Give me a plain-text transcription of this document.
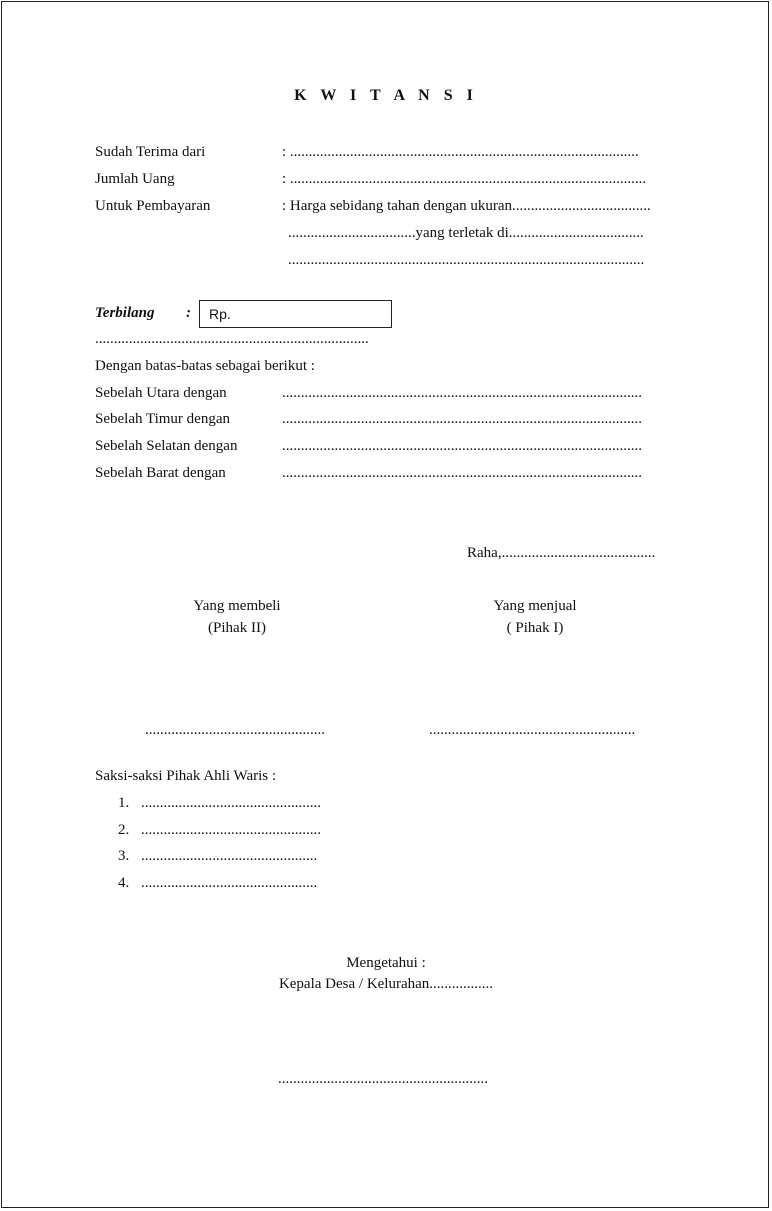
K W I T A N S I
Sudah Terima dari	: .............................................................................................
Jumlah Uang	: ...............................................................................................
Untuk Pembayaran	: Harga sebidang tahan dengan ukuran.....................................
..................................yang terletak di....................................
...............................................................................................
Terbilang : Rp.
.........................................................................
Dengan batas-batas sebagai berikut :
Sebelah Utara dengan	................................................................................................
Sebelah Timur dengan	................................................................................................
Sebelah Selatan dengan	................................................................................................
Sebelah Barat dengan	................................................................................................
Raha,.........................................
Yang membeli
(Pihak II)
................................................
Yang menjual
( Pihak I)
.......................................................
Saksi-saksi Pihak Ahli Waris :
1. ................................................
2. ................................................
3. ...............................................
4. ...............................................
Mengetahui :
Kepala Desa / Kelurahan.................
........................................................
